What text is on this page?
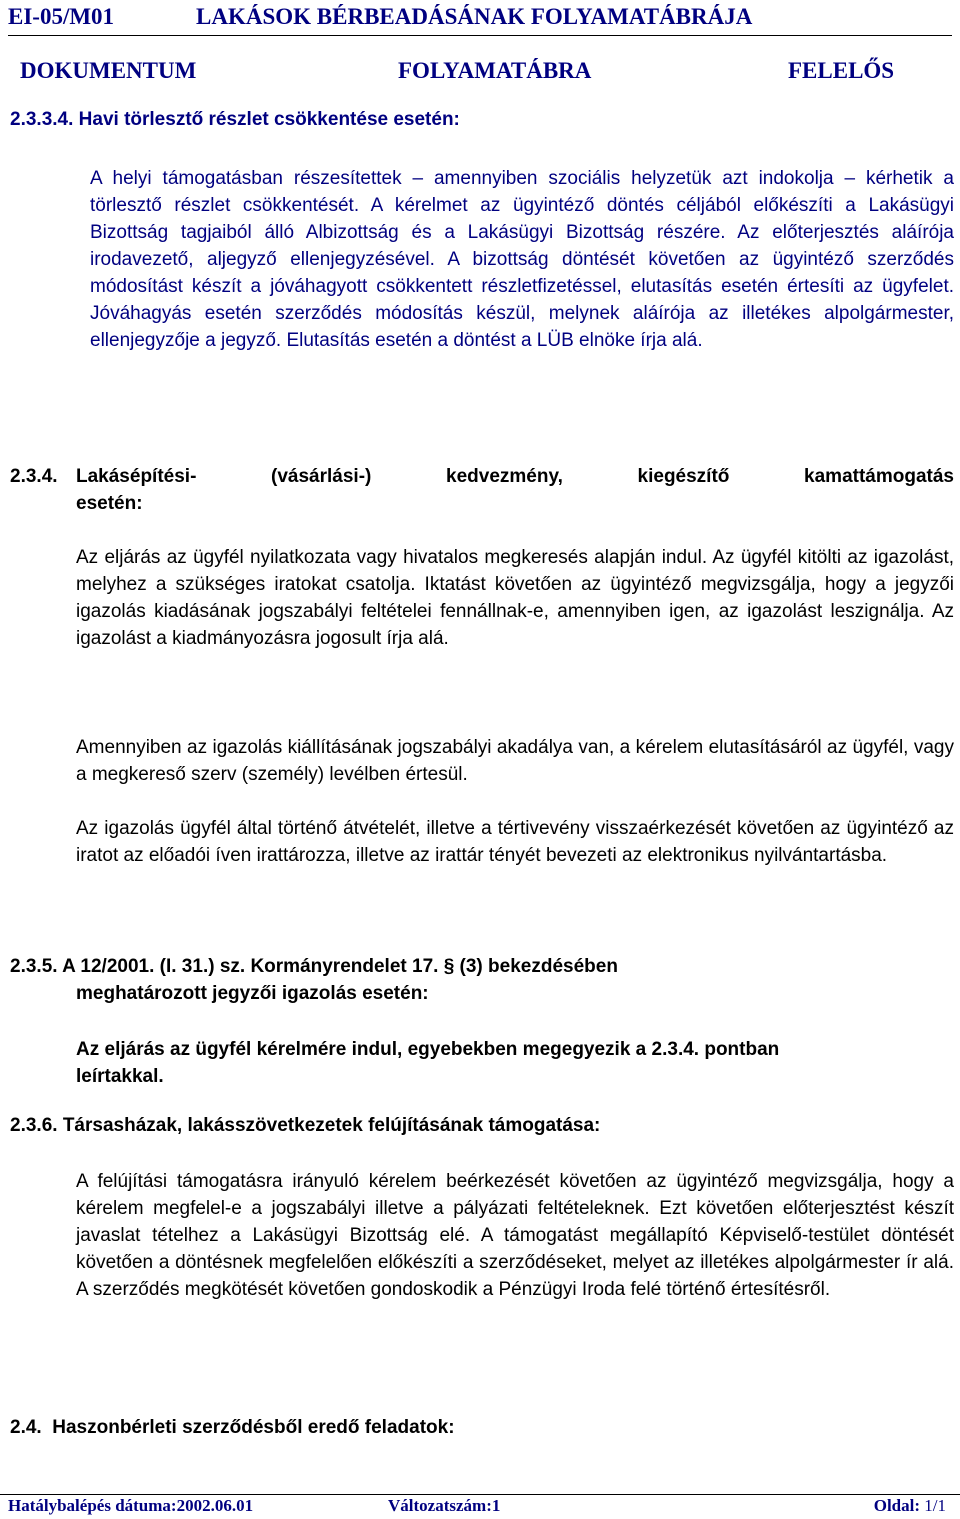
EI-05/M01	LAKÁSOK BÉRBEADÁSÁNAK FOLYAMATÁBRÁJA
DOKUMENTUM	FOLYAMATÁBRA	FELELŐS
2.3.3.4. Havi törlesztő részlet csökkentése esetén:
A helyi támogatásban részesítettek – amennyiben szociális helyzetük azt indokolja – kérhetik a törlesztő részlet csökkentését. A kérelmet az ügyintéző döntés céljából előkészíti a Lakásügyi Bizottság tagjaiból álló Albizottság és a Lakásügyi Bizottság részére. Az előterjesztés aláírója irodavezető, aljegyző ellenjegyzésével. A bizottság döntését követően az ügyintéző szerződés módosítást készít a jóváhagyott csökkentett részletfizetéssel, elutasítás esetén értesíti az ügyfelet. Jóváhagyás esetén szerződés módosítás készül, melynek aláírója az illetékes alpolgármester, ellenjegyzője a jegyző. Elutasítás esetén a döntést a LÜB elnöke írja alá.
2.3.4. Lakásépítési- (vásárlási-) kedvezmény, kiegészítő kamattámogatás
esetén:
Az eljárás az ügyfél nyilatkozata vagy hivatalos megkeresés alapján indul. Az ügyfél kitölti az igazolást, melyhez a szükséges iratokat csatolja. Iktatást követően az ügyintéző megvizsgálja, hogy a jegyzői igazolás kiadásának jogszabályi feltételei fennállnak-e, amennyiben igen, az igazolást leszignálja. Az igazolást a kiadmányozásra jogosult írja alá.
Amennyiben az igazolás kiállításának jogszabályi akadálya van, a kérelem elutasításáról az ügyfél, vagy a megkereső szerv (személy) levélben értesül.
Az igazolás ügyfél által történő átvételét, illetve a tértivevény visszaérkezését követően az ügyintéző az iratot az előadói íven irattározza, illetve az irattár tényét bevezeti az elektronikus nyilvántartásba.
2.3.5. A 12/2001. (I. 31.) sz. Kormányrendelet 17. § (3) bekezdésében
meghatározott jegyzői igazolás esetén:
Az eljárás az ügyfél kérelmére indul, egyebekben megegyezik a 2.3.4. pontban leírtakkal.
2.3.6. Társasházak, lakásszövetkezetek felújításának támogatása:
A felújítási támogatásra irányuló kérelem beérkezését követően az ügyintéző megvizsgálja, hogy a kérelem megfelel-e a jogszabályi illetve a pályázati feltételeknek. Ezt követően előterjesztést készít javaslat tételhez a Lakásügyi Bizottság elé. A támogatást megállapító Képviselő-testület döntését követően a döntésnek megfelelően előkészíti a szerződéseket, melyet az illetékes alpolgármester ír alá. A szerződés megkötését követően gondoskodik a Pénzügyi Iroda felé történő értesítésről.
2.4.  Haszonbérleti szerződésből eredő feladatok:
Hatálybalépés dátuma:2002.06.01	Változatszám:1	Oldal: 1/1
